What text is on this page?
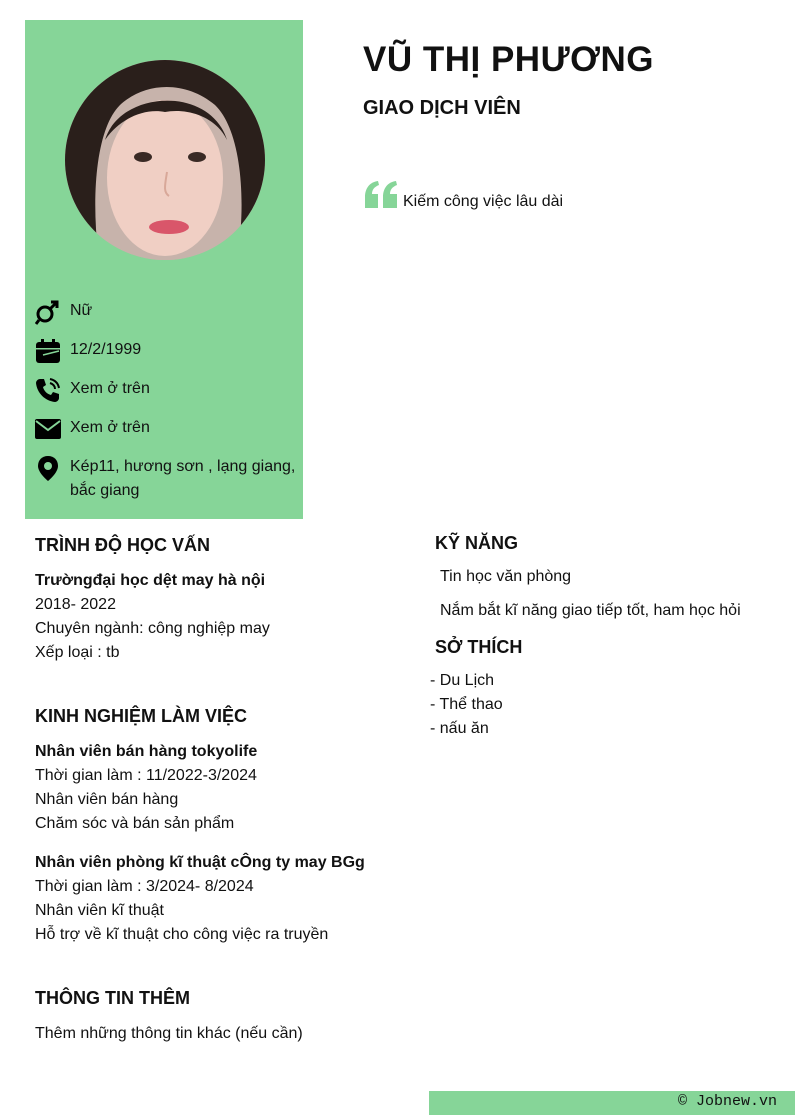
Nữ
12/2/1999
Xem ở trên
Xem ở trên
Kép11, hương sơn , lạng giang,
bắc giang
VŨ THỊ PHƯƠNG
GIAO DỊCH VIÊN
Kiếm công việc lâu dài
TRÌNH ĐỘ HỌC VẤN
Trườngđại học dệt may hà nội
2018- 2022
Chuyên ngành: công nghiệp may
Xếp loại : tb
KINH NGHIỆM LÀM VIỆC
Nhân viên bán hàng tokyolife
Thời gian làm : 11/2022-3/2024
Nhân viên bán hàng
Chăm sóc và bán sản phẩm
Nhân viên phòng kĩ thuật cÔng ty may BGg
Thời gian làm : 3/2024- 8/2024
Nhân viên kĩ thuật
Hỗ trợ về kĩ thuật cho công việc ra truyền
THÔNG TIN THÊM
Thêm những thông tin khác (nếu cần)
KỸ NĂNG
Tin học văn phòng
Nắm bắt kĩ năng giao tiếp tốt, ham học hỏi
SỞ THÍCH
- Du Lịch
- Thể thao
- nấu ăn
© Jobnew.vn
